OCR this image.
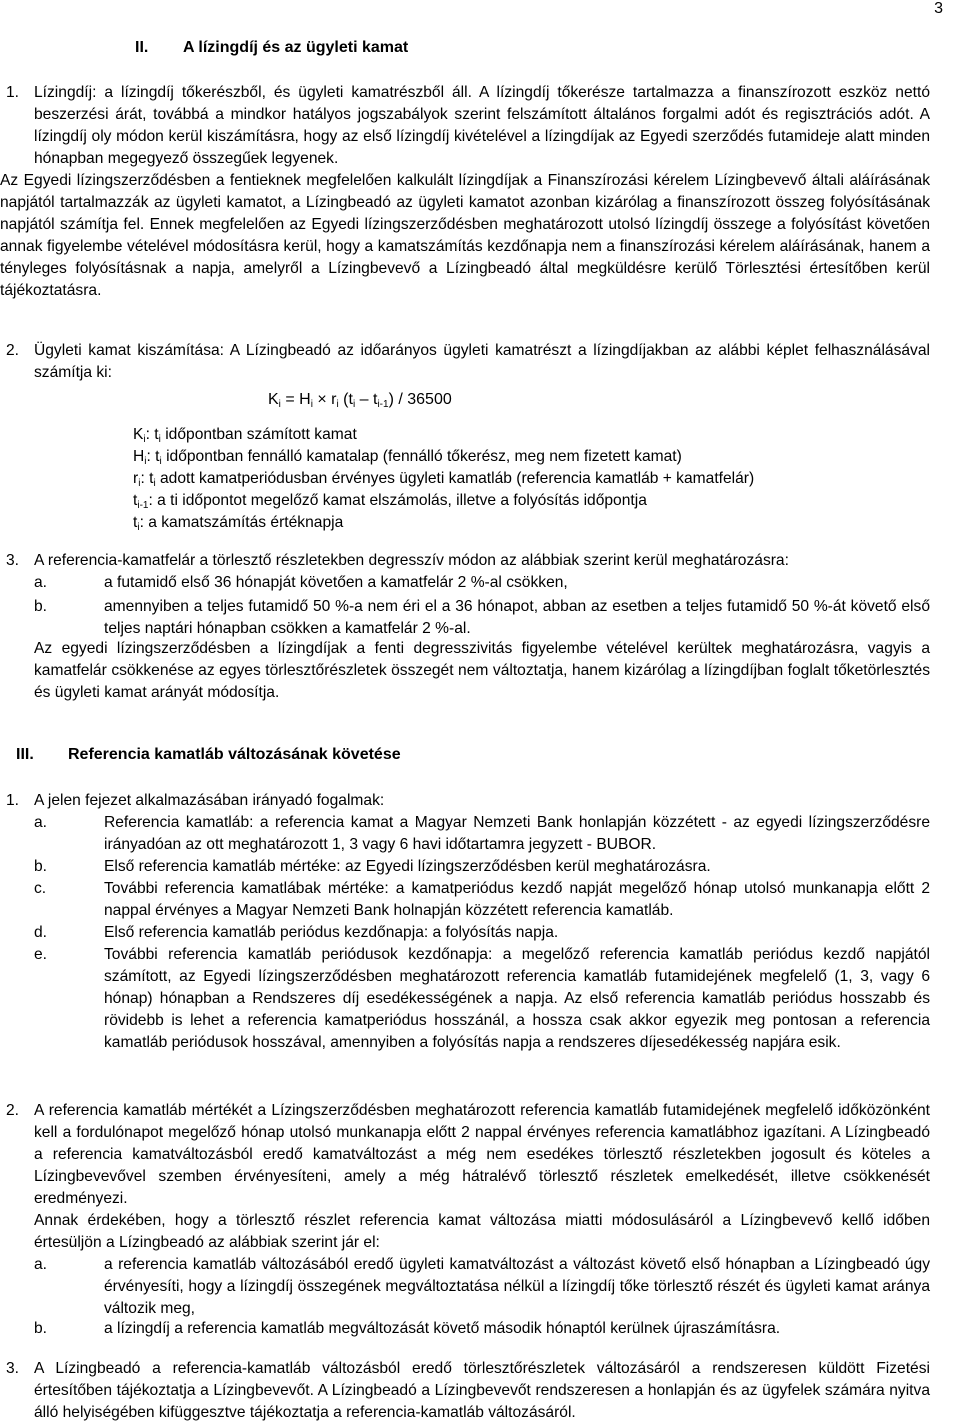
3
II. A lízingdíj és az ügyleti kamat
1. Lízingdíj: a lízingdíj tőkerészből, és ügyleti kamatrészből áll. A lízingdíj tőkerésze tartalmazza a finanszírozott eszköz nettó beszerzési árát, továbbá a mindkor hatályos jogszabályok szerint felszámított általános forgalmi adót és regisztrációs adót. A lízingdíj oly módon kerül kiszámításra, hogy az első lízingdíj kivételével a lízingdíjak az Egyedi szerződés futamideje alatt minden hónapban megegyező összegűek legyenek.
Az Egyedi lízingszerződésben a fentieknek megfelelően kalkulált lízingdíjak a Finanszírozási kérelem Lízingbevevő általi aláírásának napjától tartalmazzák az ügyleti kamatot, a Lízingbeadó az ügyleti kamatot azonban kizárólag a finanszírozott összeg folyósításának napjától számítja fel. Ennek megfelelően az Egyedi lízingszerződésben meghatározott utolsó lízingdíj összege a folyósítást követően annak figyelembe vételével módosításra kerül, hogy a kamatszámítás kezdőnapja nem a finanszírozási kérelem aláírásának, hanem a tényleges folyósításnak a napja, amelyről a Lízingbevevő a Lízingbeadó által megküldésre kerülő Törlesztési értesítőben kerül tájékoztatásra.
2. Ügyleti kamat kiszámítása: A Lízingbeadó az időarányos ügyleti kamatrészt a lízingdíjakban az alábbi képlet felhasználásával számítja ki:
$K_i = H_i \times r_i$ $(t_i - t_{i-1}) / 36500$
$K_i$: $t_i$ időpontban számított kamat
$H_i$: $t_i$ időpontban fennálló kamatalap (fennálló tőkerész, meg nem fizetett kamat)
$r_i$: $t_i$ adott kamatperiódusban érvényes ügyleti kamatláb (referencia kamatláb + kamatfelár)
$t_{i-1}$: a ti időpontot megelőző kamat elszámolás, illetve a folyósítás időpontja
$t_i$: a kamatszámítás értéknapja
3. A referencia-kamatfelár a törlesztő részletekben degresszív módon az alábbiak szerint kerül meghatározásra:
a.	a futamidő első 36 hónapját követően a kamatfelár 2 %-al csökken,
b.	amennyiben a teljes futamidő 50 %-a nem éri el a 36 hónapot, abban az esetben a teljes futamidő 50 %-át követő első teljes naptári hónapban csökken a kamatfelár 2 %-al.
Az egyedi lízingszerződésben a lízingdíjak a fenti degresszivitás figyelembe vételével kerültek meghatározásra, vagyis a kamatfelár csökkenése az egyes törlesztőrészletek összegét nem változtatja, hanem kizárólag a lízingdíjban foglalt tőketörlesztés és ügyleti kamat arányát módosítja.
III. Referencia kamatláb változásának követése
1. A jelen fejezet alkalmazásában irányadó fogalmak:
a.	Referencia kamatláb: a referencia kamat a Magyar Nemzeti Bank honlapján közzétett - az egyedi lízingszerződésre irányadóan az ott meghatározott 1, 3 vagy 6 havi időtartamra jegyzett - BUBOR.
b.	Első referencia kamatláb mértéke: az Egyedi lízingszerződésben kerül meghatározásra.
c.	További referencia kamatlábak mértéke: a kamatperiódus kezdő napját megelőző hónap utolsó munkanapja előtt 2 nappal érvényes a Magyar Nemzeti Bank holnapján közzétett referencia kamatláb.
d.	Első referencia kamatláb periódus kezdőnapja: a folyósítás napja.
e.	További referencia kamatláb periódusok kezdőnapja: a megelőző referencia kamatláb periódus kezdő napjától számított, az Egyedi lízingszerződésben meghatározott referencia kamatláb futamidejének megfelelő (1, 3, vagy 6 hónap) hónapban a Rendszeres díj esedékességének a napja. Az első referencia kamatláb periódus hosszabb és rövidebb is lehet a referencia kamatperiódus hosszánál, a hossza csak akkor egyezik meg pontosan a referencia kamatláb periódusok hosszával, amennyiben a folyósítás napja a rendszeres díjesedékesség napjára esik.
2. A referencia kamatláb mértékét a Lízingszerződésben meghatározott referencia kamatláb futamidejének megfelelő időközönként kell a fordulónapot megelőző hónap utolsó munkanapja előtt 2 nappal érvényes referencia kamatlábhoz igazítani. A Lízingbeadó a referencia kamatváltozásból eredő kamatváltozást a még nem esedékes törlesztő részletekben jogosult és köteles a Lízingbevevővel szemben érvényesíteni, amely a még hátralévő törlesztő részletek emelkedését, illetve csökkenését eredményezi.
Annak érdekében, hogy a törlesztő részlet referencia kamat változása miatti módosulásáról a Lízingbevevő kellő időben értesüljön a Lízingbeadó az alábbiak szerint jár el:
a.	a referencia kamatláb változásából eredő ügyleti kamatváltozást a változást követő első hónapban a Lízingbeadó úgy érvényesíti, hogy a lízingdíj összegének megváltoztatása nélkül a lízingdíj tőke törlesztő részét és ügyleti kamat aránya változik meg,
b.	a lízingdíj a referencia kamatláb megváltozását követő második hónaptól kerülnek újraszámításra.
3. A Lízingbeadó a referencia-kamatláb változásból eredő törlesztőrészletek változásáról a rendszeresen küldött Fizetési értesítőben tájékoztatja a Lízingbevevőt. A Lízingbeadó a Lízingbevevőt rendszeresen a honlapján és az ügyfelek számára nyitva álló helyiségében kifüggesztve tájékoztatja a referencia-kamatláb változásáról.
